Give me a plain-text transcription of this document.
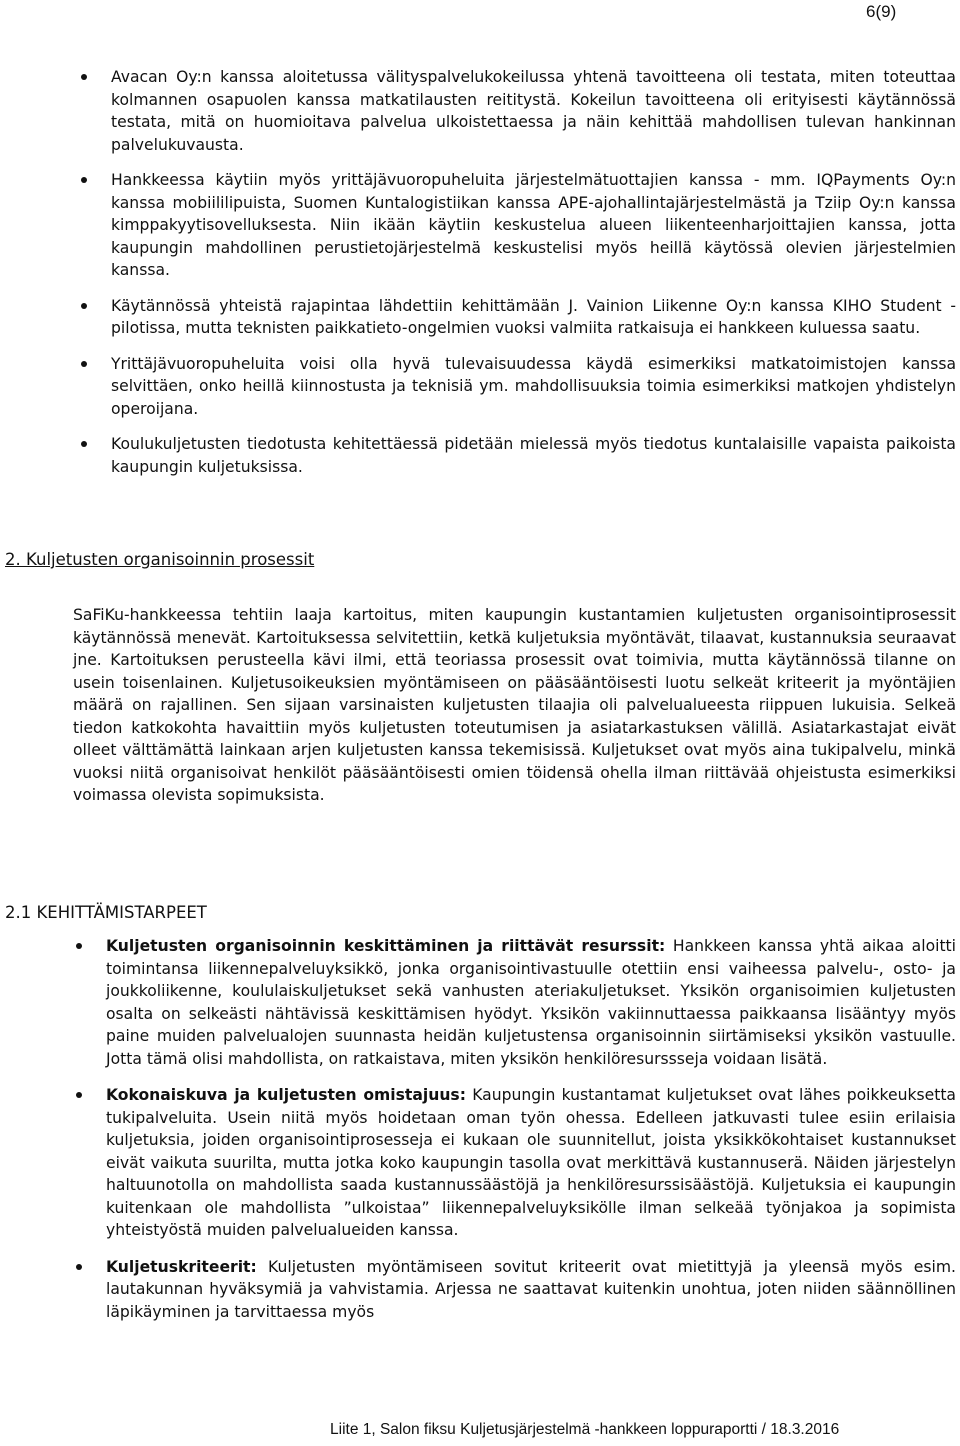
6(9)
Avacan Oy:n kanssa aloitetussa välityspalvelukokeilussa yhtenä tavoitteena oli testata, miten toteuttaa kolmannen osapuolen kanssa matkatilausten reititystä. Kokeilun tavoitteena oli erityisesti käytännössä testata, mitä on huomioitava palvelua ulkoistettaessa ja näin kehittää mahdollisen tulevan hankinnan palvelukuvausta.
Hankkeessa käytiin myös yrittäjävuoropuheluita järjestelmätuottajien kanssa - mm. IQPayments Oy:n kanssa mobiililipuista, Suomen Kuntalogistiikan kanssa APE-ajohallintajärjestelmästä ja Tziip Oy:n kanssa kimppakyytisovelluksesta. Niin ikään käytiin keskustelua alueen liikenteenharjoittajien kanssa, jotta kaupungin mahdollinen perustietojärjestelmä keskustelisi myös heillä käytössä olevien järjestelmien kanssa.
Käytännössä yhteistä rajapintaa lähdettiin kehittämään J. Vainion Liikenne Oy:n kanssa KIHO Student -pilotissa, mutta teknisten paikkatieto-ongelmien vuoksi valmiita ratkaisuja ei hankkeen kuluessa saatu.
Yrittäjävuoropuheluita voisi olla hyvä tulevaisuudessa käydä esimerkiksi matkatoimistojen kanssa selvittäen, onko heillä kiinnostusta ja teknisiä ym. mahdollisuuksia toimia esimerkiksi matkojen yhdistelyn operoijana.
Koulukuljetusten tiedotusta kehitettäessä pidetään mielessä myös tiedotus kuntalaisille vapaista paikoista kaupungin kuljetuksissa.
2. Kuljetusten organisoinnin prosessit

SaFiKu-hankkeessa tehtiin laaja kartoitus, miten kaupungin kustantamien kuljetusten organisointiprosessit käytännössä menevät. Kartoituksessa selvitettiin, ketkä kuljetuksia myöntävät, tilaavat, kustannuksia seuraavat jne. Kartoituksen perusteella kävi ilmi, että teoriassa prosessit ovat toimivia, mutta käytännössä tilanne on usein toisenlainen. Kuljetusoikeuksien myöntämiseen on pääsääntöisesti luotu selkeät kriteerit ja myöntäjien määrä on rajallinen. Sen sijaan varsinaisten kuljetusten tilaajia oli palvelualueesta riippuen lukuisia. Selkeä tiedon katkokohta havaittiin myös kuljetusten toteutumisen ja asiatarkastuksen välillä. Asiatarkastajat eivät olleet välttämättä lainkaan arjen kuljetusten kanssa tekemisissä. Kuljetukset ovat myös aina tukipalvelu, minkä vuoksi niitä organisoivat henkilöt pääsääntöisesti omien töidensä ohella ilman riittävää ohjeistusta esimerkiksi voimassa olevista sopimuksista.

2.1 KEHITTÄMISTARPEET
Kuljetusten organisoinnin keskittäminen ja riittävät resurssit: Hankkeen kanssa yhtä aikaa aloitti toimintansa liikennepalveluyksikkö, jonka organisointivastuulle otettiin ensi vaiheessa palvelu-, osto- ja joukkoliikenne, koululaiskuljetukset sekä vanhusten ateriakuljetukset. Yksikön organisoimien kuljetusten osalta on selkeästi nähtävissä keskittämisen hyödyt. Yksikön vakiinnuttaessa paikkaansa lisääntyy myös paine muiden palvelualojen suunnasta heidän kuljetustensa organisoinnin siirtämiseksi yksikön vastuulle. Jotta tämä olisi mahdollista, on ratkaistava, miten yksikön henkilöresurssseja voidaan lisätä.
Kokonaiskuva ja kuljetusten omistajuus: Kaupungin kustantamat kuljetukset ovat lähes poikkeuksetta tukipalveluita. Usein niitä myös hoidetaan oman työn ohessa. Edelleen jatkuvasti tulee esiin erilaisia kuljetuksia, joiden organisointiprosesseja ei kukaan ole suunnitellut, joista yksikkökohtaiset kustannukset eivät vaikuta suurilta, mutta jotka koko kaupungin tasolla ovat merkittävä kustannuserä. Näiden järjestelyn haltuunotolla on mahdollista saada kustannussäästöjä ja henkilöresurssisäästöjä. Kuljetuksia ei kaupungin kuitenkaan ole mahdollista ”ulkoistaa” liikennepalveluyksikölle ilman selkeää työnjakoa ja sopimista yhteistyöstä muiden palvelualueiden kanssa.
Kuljetuskriteerit: Kuljetusten myöntämiseen sovitut kriteerit ovat mietittyjä ja yleensä myös esim. lautakunnan hyväksymiä ja vahvistamia. Arjessa ne saattavat kuitenkin unohtua, joten niiden säännöllinen läpikäyminen ja tarvittaessa myös
Liite 1, Salon fiksu Kuljetusjärjestelmä -hankkeen loppuraportti / 18.3.2016
